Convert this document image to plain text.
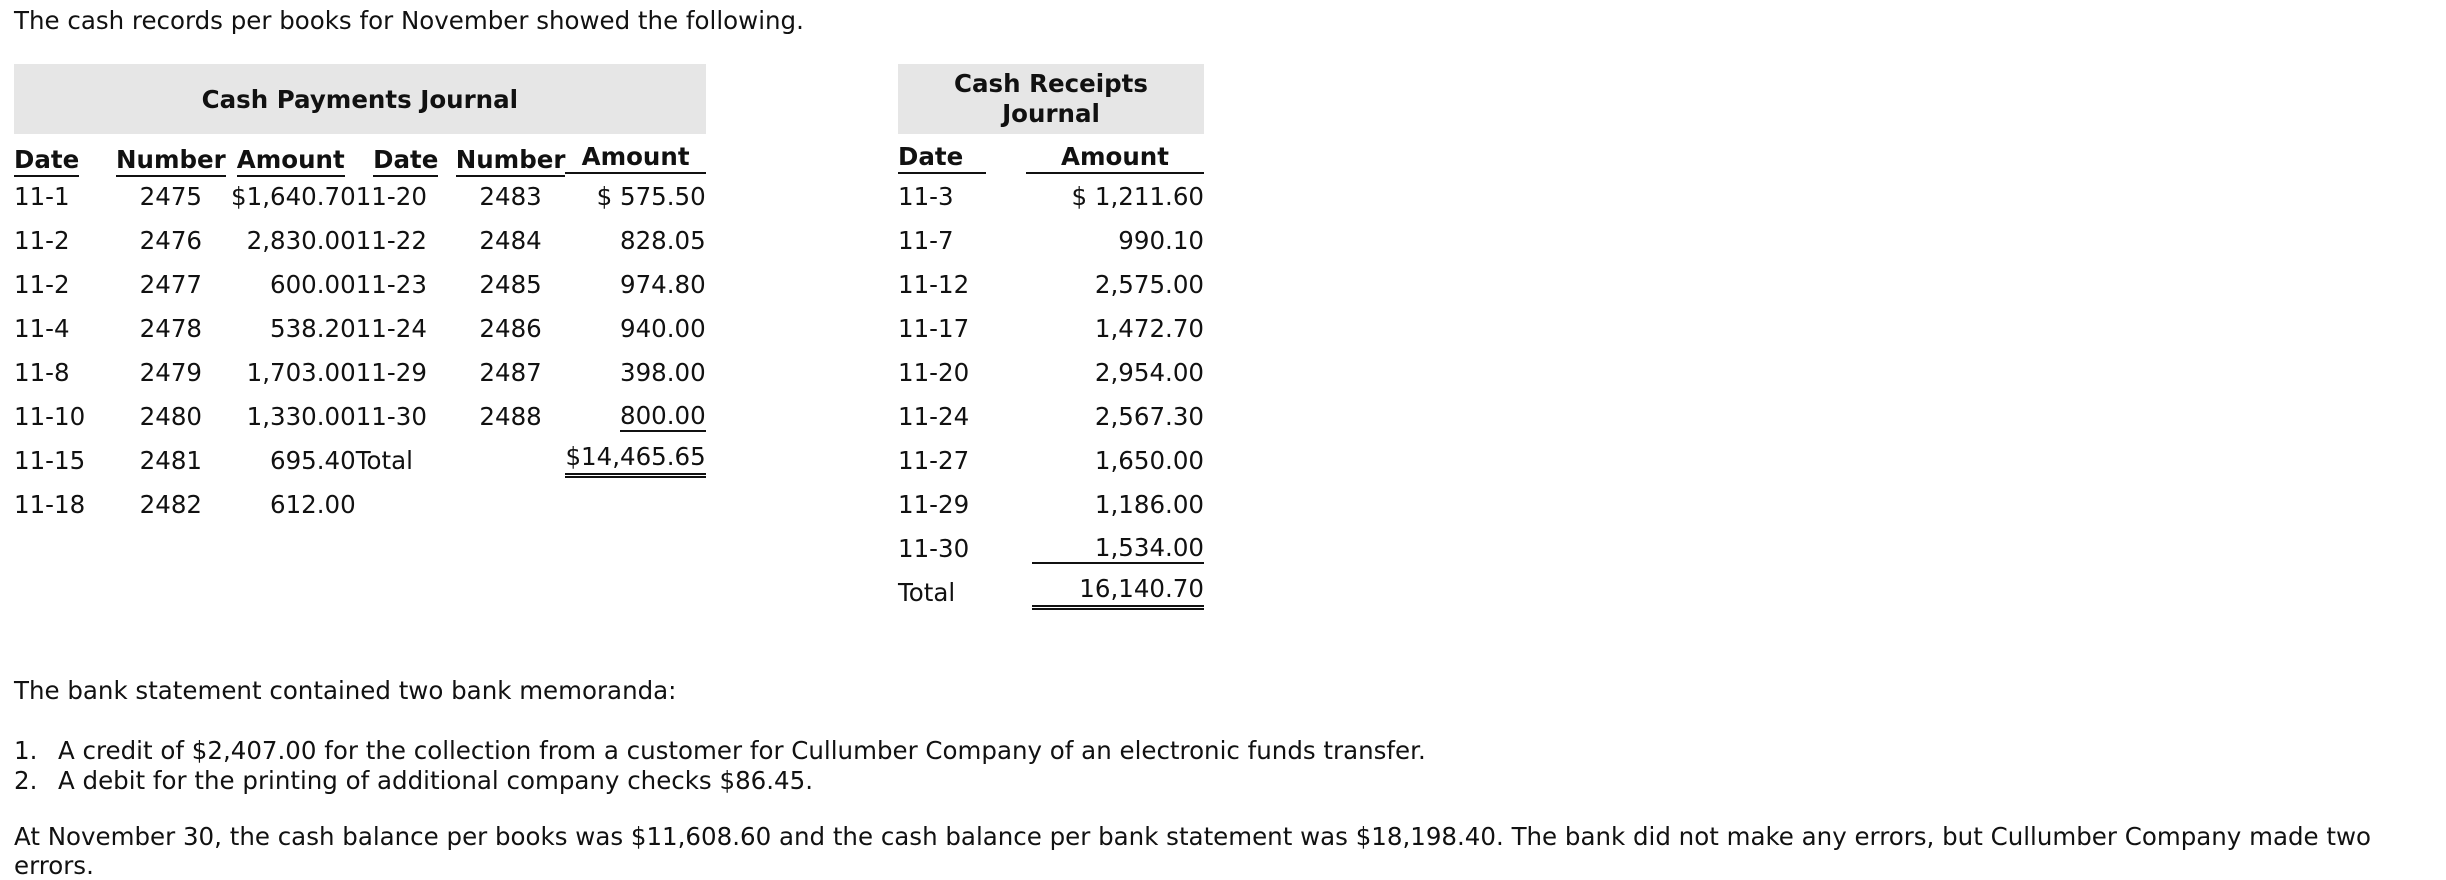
The cash records per books for November showed the following.
Cash Payments Journal					
Date	Number	Amount	Date	Number	Amount

11-1	2475	$1,640.70	11-20	2483	$ 575.50
11-2	2476	2,830.00	11-22	2484	828.05
11-2	2477	600.00	11-23	2485	974.80
11-4	2478	538.20	11-24	2486	940.00
11-8	2479	1,703.00	11-29	2487	398.00
11-10	2480	1,330.00	11-30	2488	800.00
11-15	2481	695.40	Total		$14,465.65
11-18	2482	612.00			
Cash Receipts
Journal	

Date	Amount

11-3	$ 1,211.60
11-7	990.10
11-12	2,575.00
11-17	1,472.70
11-20	2,954.00
11-24	2,567.30
11-27	1,650.00
11-29	1,186.00
11-30	1,534.00
Total	16,140.70
The bank statement contained two bank memoranda:
1. A credit of $2,407.00 for the collection from a customer for Cullumber Company of an electronic funds transfer.
2. A debit for the printing of additional company checks $86.45.
At November 30, the cash balance per books was $11,608.60 and the cash balance per bank statement was $18,198.40. The bank did not make any errors, but Cullumber Company made two errors.
